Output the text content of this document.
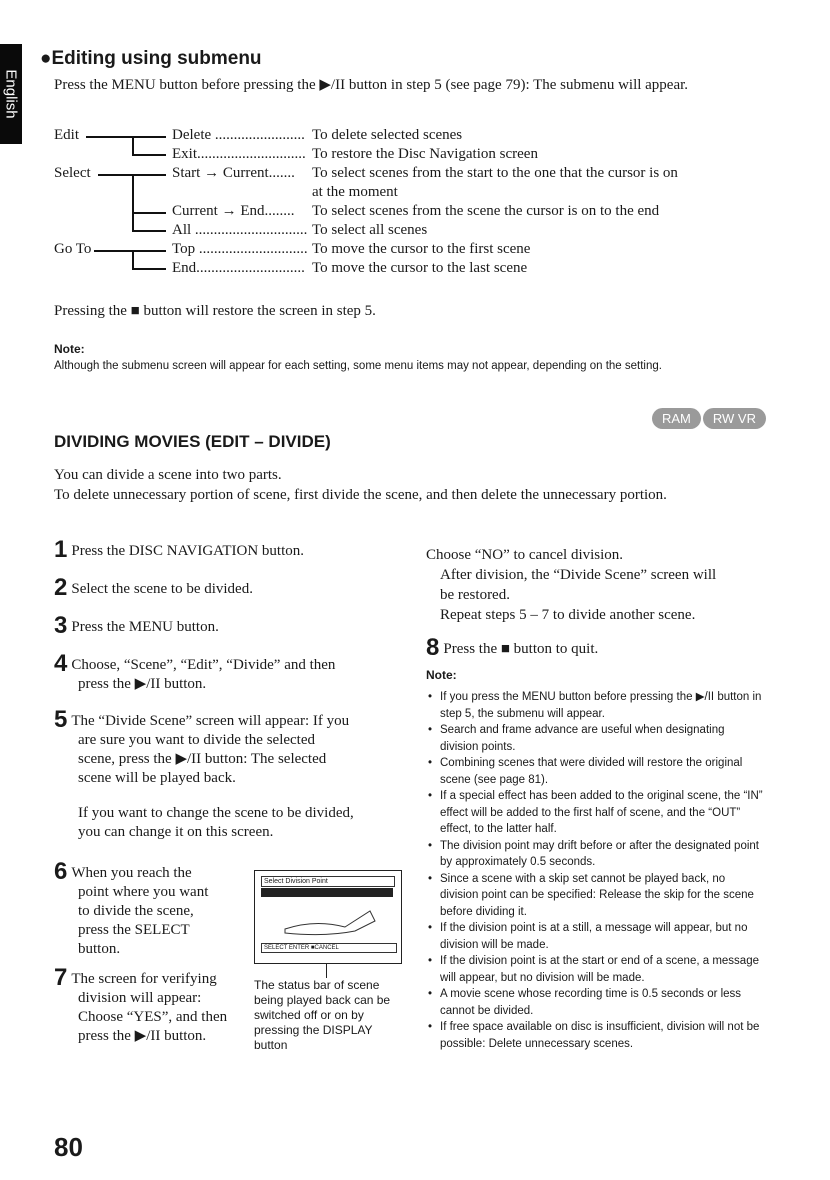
English
●Editing using submenu
Press the MENU button before pressing the ▶/II button in step 5 (see page 79): The submenu will appear.
Edit	Delete ........................ To delete selected scenes
Exit............................. To restore the Disc Navigation screen
Select	Start → Current....... To select scenes from the start to the one that the cursor is on
at the moment
Current → End........ To select scenes from the scene the cursor is on to the end
All .............................. To select all scenes
Go To	Top ............................. To move the cursor to the first scene
End............................. To move the cursor to the last scene
Pressing the ■ button will restore the screen in step 5.
Note:
Although the submenu screen will appear for each setting, some menu items may not appear, depending on the setting.
RAM	RW VR
DIVIDING MOVIES (EDIT – DIVIDE)
You can divide a scene into two parts.
To delete unnecessary portion of scene, first divide the scene, and then delete the unnecessary portion.
1 Press the DISC NAVIGATION button.
2 Select the scene to be divided.
3 Press the MENU button.
4 Choose, “Scene”, “Edit”, “Divide” and then
press the ▶/II button.
5 The “Divide Scene” screen will appear: If you
are sure you want to divide the selected
scene, press the ▶/II button: The selected
scene will be played back.
If you want to change the scene to be divided,
you can change it on this screen.
6 When you reach the
point where you want
to divide the scene,
press the SELECT
button.
7 The screen for verifying
division will appear:
Choose “YES”, and then
press the ▶/II button.
Select Division Point
SELECT ENTER ■CANCEL
The status bar of scene being played back can be switched off or on by pressing the DISPLAY button
Choose “NO” to cancel division.
After division, the “Divide Scene” screen will
be restored.
Repeat steps 5 – 7 to divide another scene.
8 Press the ■ button to quit.
Note:
• If you press the MENU button before pressing the ▶/II button in step 5, the submenu will appear.
• Search and frame advance are useful when designating division points.
• Combining scenes that were divided will restore the original scene (see page 81).
• If a special effect has been added to the original scene, the “IN” effect will be added to the first half of scene, and the “OUT” effect, to the latter half.
• The division point may drift before or after the designated point by approximately 0.5 seconds.
• Since a scene with a skip set cannot be played back, no division point can be specified: Release the skip for the scene before dividing it.
• If the division point is at a still, a message will appear, but no division will be made.
• If the division point is at the start or end of a scene, a message will appear, but no division will be made.
• A movie scene whose recording time is 0.5 seconds or less cannot be divided.
• If free space available on disc is insufficient, division will not be possible: Delete unnecessary scenes.
80
